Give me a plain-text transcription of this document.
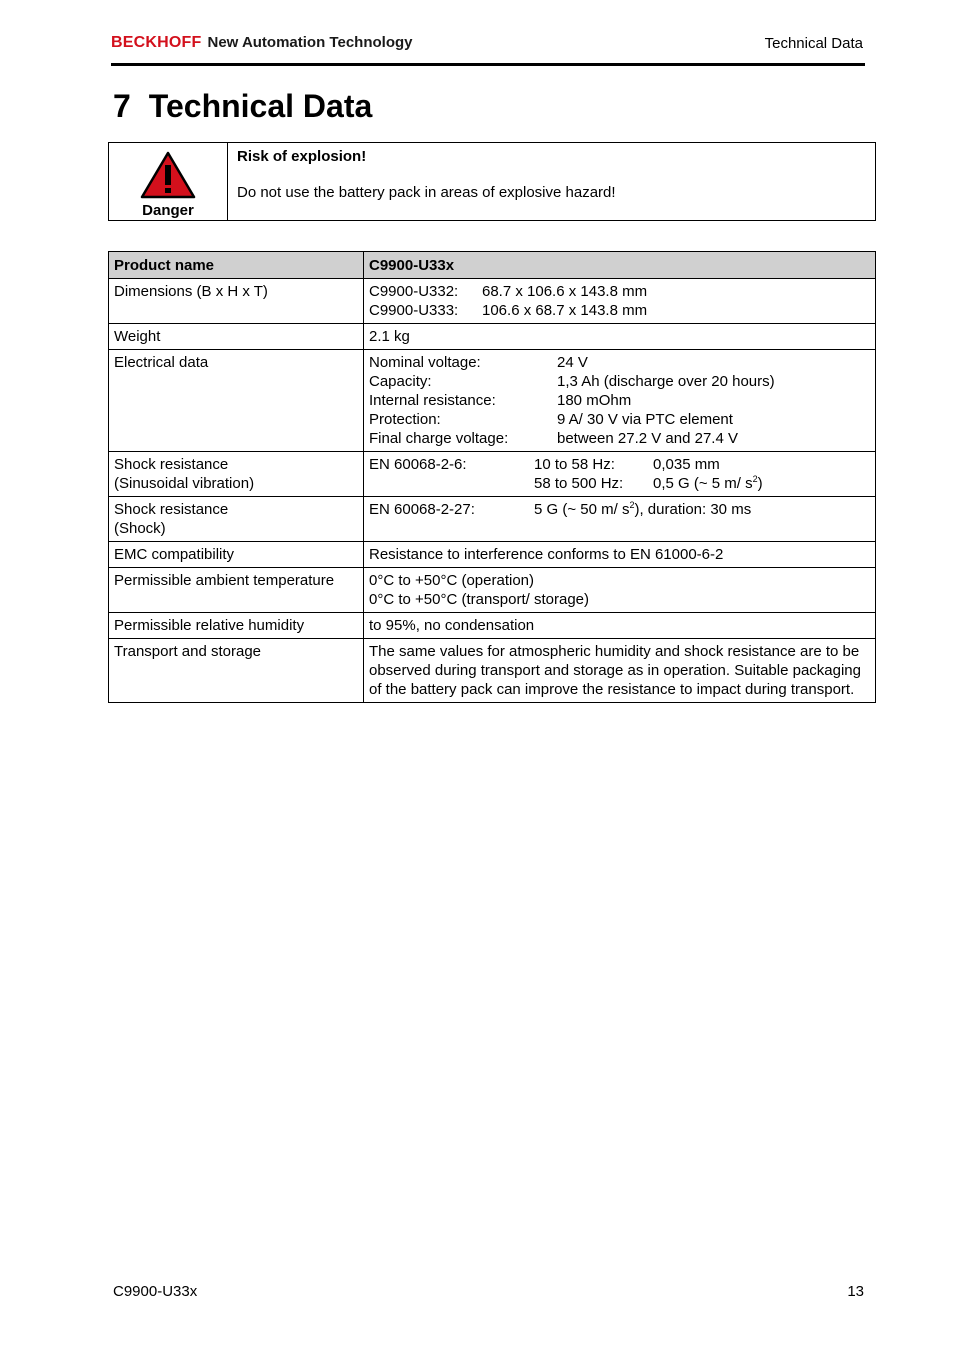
BECKHOFF New Automation Technology	Technical Data
7 Technical Data
Danger
Risk of explosion!
Do not use the battery pack in areas of explosive hazard!
Product name	C9900-U33x
Dimensions (B x H x T)	C9900-U332: 68.7 x 106.6 x 143.8 mm
C9900-U333: 106.6 x 68.7 x 143.8 mm

Weight	2.1 kg
Electrical data	Nominal voltage: 24 V
Capacity: 1,3 Ah (discharge over 20 hours)
Internal resistance: 180 mOhm
Protection: 9 A/ 30 V via PTC element
Final charge voltage: between 27.2 V and 27.4 V

Shock resistance
(Sinusoidal vibration)	EN 60068-2-6: 10 to 58 Hz: 0,035 mm
58 to 500 Hz: 0,5 G (~ 5 m/ $s^2$)

Shock resistance
(Shock)	EN 60068-2-27: 5 G (~ 50 m/ $s^2$), duration: 30 ms

EMC compatibility	Resistance to interference conforms to EN 61000-6-2
Permissible ambient temperature	0°C to +50°C (operation)
0°C to +50°C (transport/ storage)

Permissible relative humidity	to 95%, no condensation
Transport and storage	The same values for atmospheric humidity and shock resistance are to be observed during transport and storage as in operation. Suitable packaging of the battery pack can improve the resistance to impact during transport.
C9900-U33x	13
